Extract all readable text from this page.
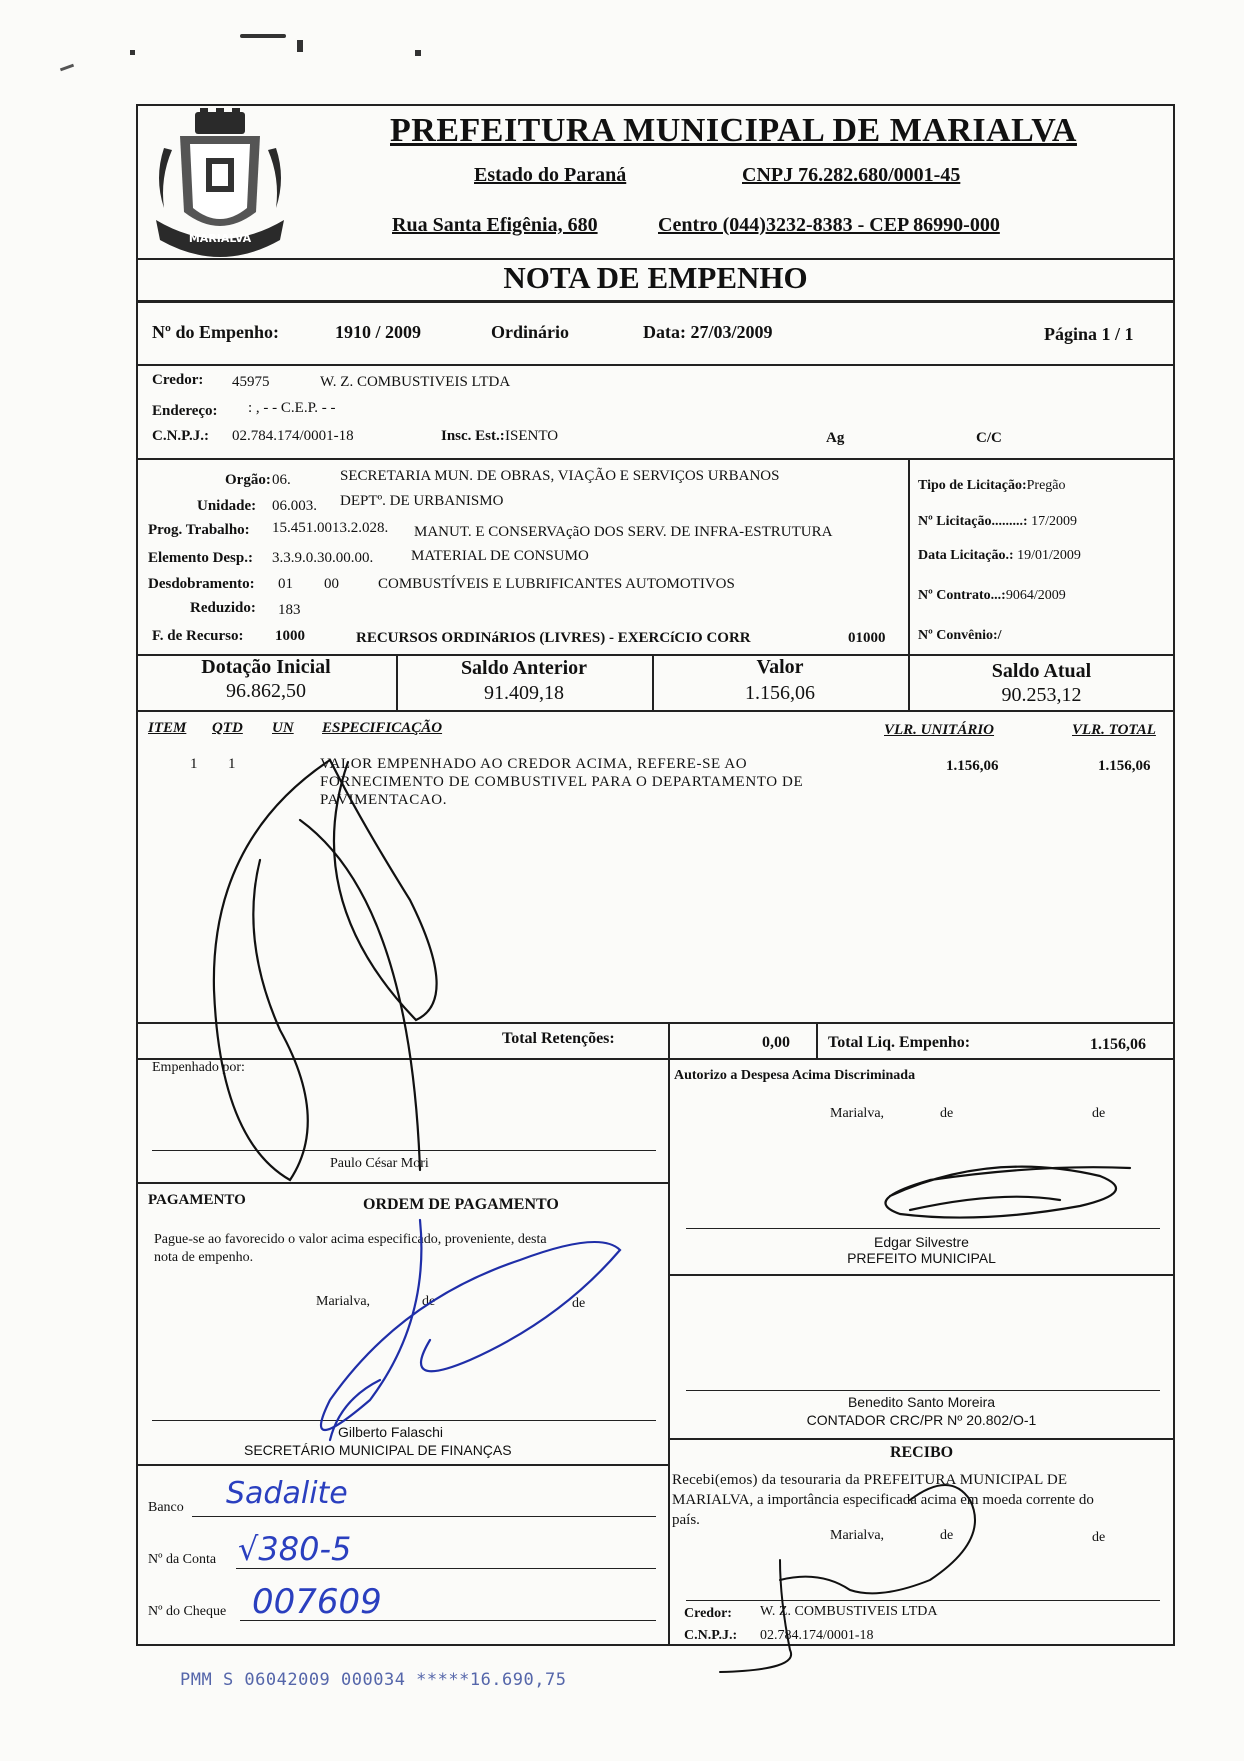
MARIALVA
PREFEITURA MUNICIPAL DE MARIALVA
Estado do Paraná	CNPJ 76.282.680/0001-45
Rua Santa Efigênia, 680	Centro (044)3232-8383 - CEP 86990-000
NOTA DE EMPENHO
Nº do Empenho:	1910 / 2009	Ordinário	Data: 27/03/2009	Página 1 / 1
Credor: 45975	W. Z. COMBUSTIVEIS LTDA
Endereço: : , - - C.E.P. - -
C.N.P.J.: 02.784.174/0001-18	Insc. Est.: ISENTO	Ag	C/C
Orgão: 06.	SECRETARIA MUN. DE OBRAS, VIAÇÃO E SERVIÇOS URBANOS
Unidade: 06.003. DEPTº. DE URBANISMO
Prog. Trabalho: 15.451.0013.2.028. MANUT. E CONSERVAçãO DOS SERV. DE INFRA-ESTRUTURA
Elemento Desp.: 3.3.9.0.30.00.00.	MATERIAL DE CONSUMO
Desdobramento: 01 00	COMBUSTÍVEIS E LUBRIFICANTES AUTOMOTIVOS
Reduzido: 183
F. de Recurso: 1000	RECURSOS ORDINáRIOS (LIVRES) - EXERCíCIO CORR	01000
Tipo de Licitação:Pregão
Nº Licitação.........: 17/2009
Data Licitação.: 19/01/2009
Nº Contrato...:9064/2009
Nº Convênio:/
Dotação Inicial
96.862,50
Saldo Anterior
91.409,18
Valor
1.156,06
Saldo Atual
90.253,12
ITEM QTD UN ESPECIFICAÇÃO	VLR. UNITÁRIO	VLR. TOTAL
1 1	VALOR EMPENHADO AO CREDOR ACIMA, REFERE-SE AO
FORNECIMENTO DE COMBUSTIVEL PARA O DEPARTAMENTO DE
PAVIMENTACAO.
1.156,06	1.156,06
Total Retenções:	0,00 Total Liq. Empenho:	1.156,06
Empenhado por:
Paulo César Mori
Autorizo a Despesa Acima Discriminada
Marialva,	de	de
Edgar Silvestre
PREFEITO MUNICIPAL
PAGAMENTO	ORDEM DE PAGAMENTO
Pague-se ao favorecido o valor acima especificado, proveniente, desta
nota de empenho.
Marialva,	de	de
Gilberto Falaschi
SECRETÁRIO MUNICIPAL DE FINANÇAS
Benedito Santo Moreira
CONTADOR CRC/PR Nº 20.802/O-1
Banco Sadalite
Nº da Conta √380-5
Nº do Cheque 007609
RECIBO
Recebi(emos) da tesouraria da PREFEITURA MUNICIPAL DE
MARIALVA, a importância especificada acima em moeda corrente do
país.
Marialva,	de	de
Credor: W. Z. COMBUSTIVEIS LTDA
C.N.P.J.: 02.784.174/0001-18
PMM S 06042009 000034 *****16.690,75
